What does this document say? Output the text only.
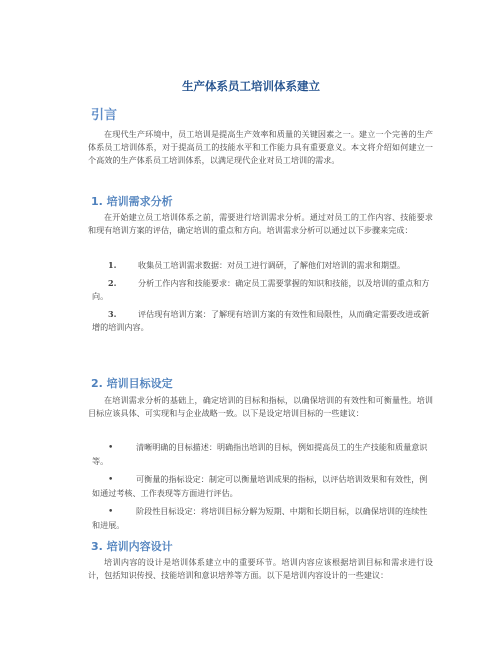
生产体系员工培训体系建立
引言

在现代生产环境中，员工培训是提高生产效率和质量的关键因素之一。建立一个完善的生产体系员工培训体系，对于提高员工的技能水平和工作能力具有重要意义。本文将介绍如何建立一个高效的生产体系员工培训体系，以满足现代企业对员工培训的需求。

1. 培训需求分析

在开始建立员工培训体系之前，需要进行培训需求分析。通过对员工的工作内容、技能要求和现有培训方案的评估，确定培训的重点和方向。培训需求分析可以通过以下步骤来完成：

1.	收集员工培训需求数据：对员工进行调研，了解他们对培训的需求和期望。
2.	分析工作内容和技能要求：确定员工需要掌握的知识和技能，以及培训的重点和方向。
3.	评估现有培训方案：了解现有培训方案的有效性和局限性，从而确定需要改进或新增的培训内容。
2. 培训目标设定

在培训需求分析的基础上，确定培训的目标和指标，以确保培训的有效性和可衡量性。培训目标应该具体、可实现和与企业战略一致。以下是设定培训目标的一些建议：

•	清晰明确的目标描述：明确指出培训的目标，例如提高员工的生产技能和质量意识等。
•	可衡量的指标设定：制定可以衡量培训成果的指标，以评估培训效果和有效性，例如通过考核、工作表现等方面进行评估。
•	阶段性目标设定：将培训目标分解为短期、中期和长期目标，以确保培训的连续性和进展。
3. 培训内容设计

培训内容的设计是培训体系建立中的重要环节。培训内容应该根据培训目标和需求进行设计，包括知识传授、技能培训和意识培养等方面。以下是培训内容设计的一些建议：
